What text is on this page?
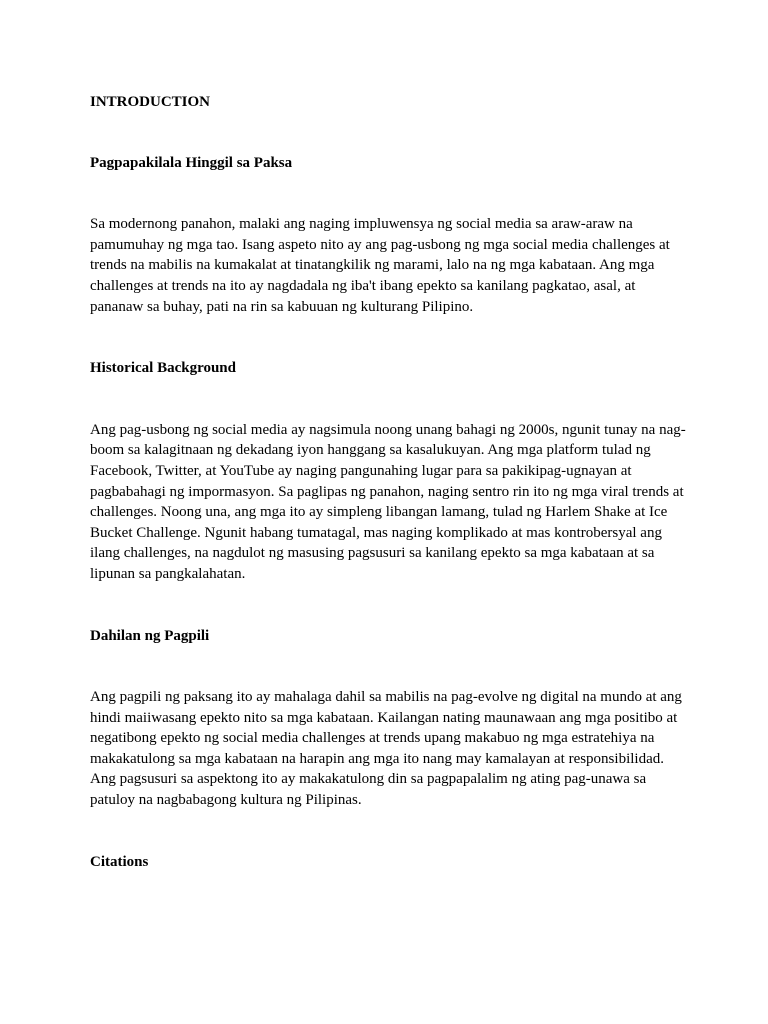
INTRODUCTION

Pagpapakilala Hinggil sa Paksa

Sa modernong panahon, malaki ang naging impluwensya ng social media sa araw-araw na pamumuhay ng mga tao. Isang aspeto nito ay ang pag-usbong ng mga social media challenges at trends na mabilis na kumakalat at tinatangkilik ng marami, lalo na ng mga kabataan. Ang mga challenges at trends na ito ay nagdadala ng iba't ibang epekto sa kanilang pagkatao, asal, at pananaw sa buhay, pati na rin sa kabuuan ng kulturang Pilipino.

Historical Background

Ang pag-usbong ng social media ay nagsimula noong unang bahagi ng 2000s, ngunit tunay na nag-boom sa kalagitnaan ng dekadang iyon hanggang sa kasalukuyan. Ang mga platform tulad ng Facebook, Twitter, at YouTube ay naging pangunahing lugar para sa pakikipag-ugnayan at pagbabahagi ng impormasyon. Sa paglipas ng panahon, naging sentro rin ito ng mga viral trends at challenges. Noong una, ang mga ito ay simpleng libangan lamang, tulad ng Harlem Shake at Ice Bucket Challenge. Ngunit habang tumatagal, mas naging komplikado at mas kontrobersyal ang ilang challenges, na nagdulot ng masusing pagsusuri sa kanilang epekto sa mga kabataan at sa lipunan sa pangkalahatan.

Dahilan ng Pagpili

Ang pagpili ng paksang ito ay mahalaga dahil sa mabilis na pag-evolve ng digital na mundo at ang hindi maiiwasang epekto nito sa mga kabataan. Kailangan nating maunawaan ang mga positibo at negatibong epekto ng social media challenges at trends upang makabuo ng mga estratehiya na makakatulong sa mga kabataan na harapin ang mga ito nang may kamalayan at responsibilidad. Ang pagsusuri sa aspektong ito ay makakatulong din sa pagpapalalim ng ating pag-unawa sa patuloy na nagbabagong kultura ng Pilipinas.

Citations
